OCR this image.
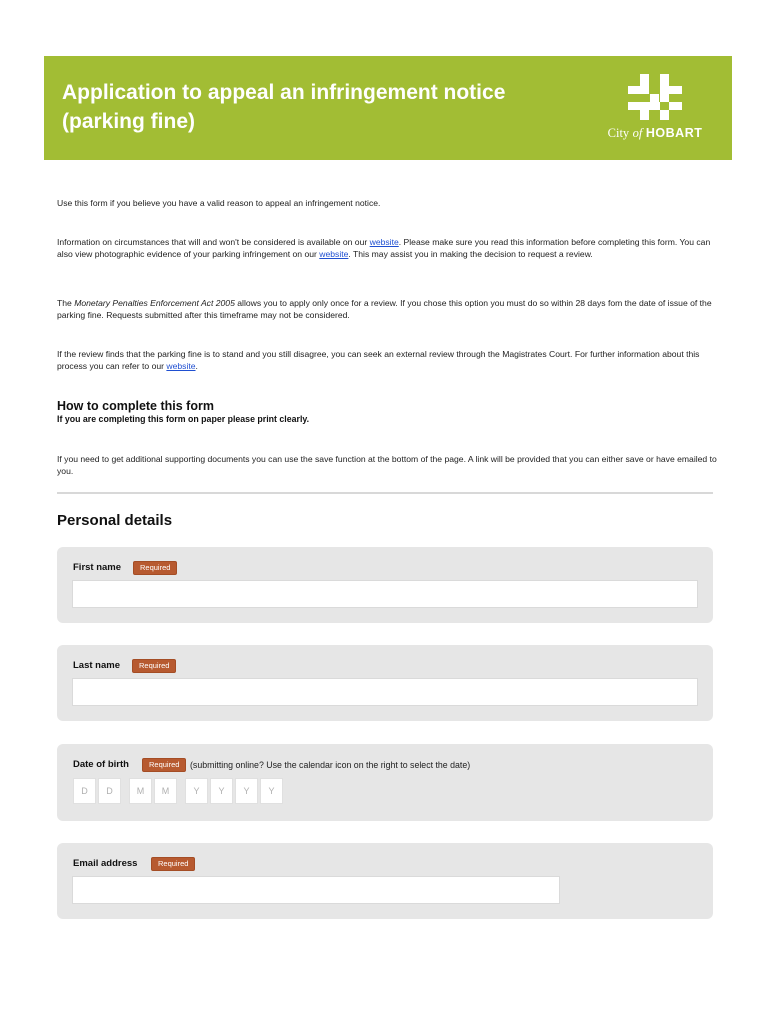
Application to appeal an infringement notice
(parking fine)	City of HOBART
Use this form if you believe you have a valid reason to appeal an infringement notice.
Information on circumstances that will and won't be considered is available on our website. Please make sure you read this information before completing this form. You can also view photographic evidence of your parking infringement on our website. This may assist you in making the decision to request a review.
The Monetary Penalties Enforcement Act 2005 allows you to apply only once for a review. If you chose this option you must do so within 28 days fom the date of issue of the parking fine. Requests submitted after this timeframe may not be considered.
If the review finds that the parking fine is to stand and you still disagree, you can seek an external review through the Magistrates Court. For further information about this process you can refer to our website.
How to complete this form
If you are completing this form on paper please print clearly.
If you need to get additional supporting documents you can use the save function at the bottom of the page. A link will be provided that you can either save or have emailed to you.
Personal details
First name	Required
Last name	Required
Date of birth	Required	(submitting online? Use the calendar icon on the right to select the date)
D	D	M	M	Y	Y	Y	Y
Email address	Required
